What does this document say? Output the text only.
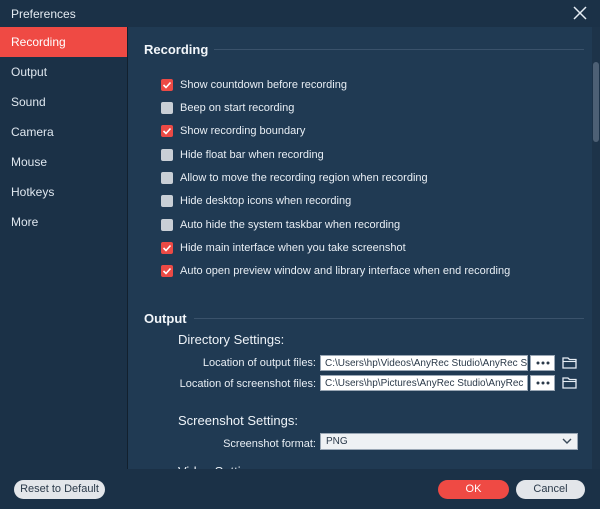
Preferences
Recording
Output
Sound
Camera
Mouse
Hotkeys
More
Recording
Show countdown before recording
Beep on start recording
Show recording boundary
Hide float bar when recording
Allow to move the recording region when recording
Hide desktop icons when recording
Auto hide the system taskbar when recording
Hide main interface when you take screenshot
Auto open preview window and library interface when end recording
Output
Directory Settings:
Location of output files: C:\Users\hp\Videos\AnyRec Studio\AnyRec S
Location of screenshot files: C:\Users\hp\Pictures\AnyRec Studio\AnyRec
Screenshot Settings:
Screenshot format:	PNG
Reset to Default	OK	Cancel
